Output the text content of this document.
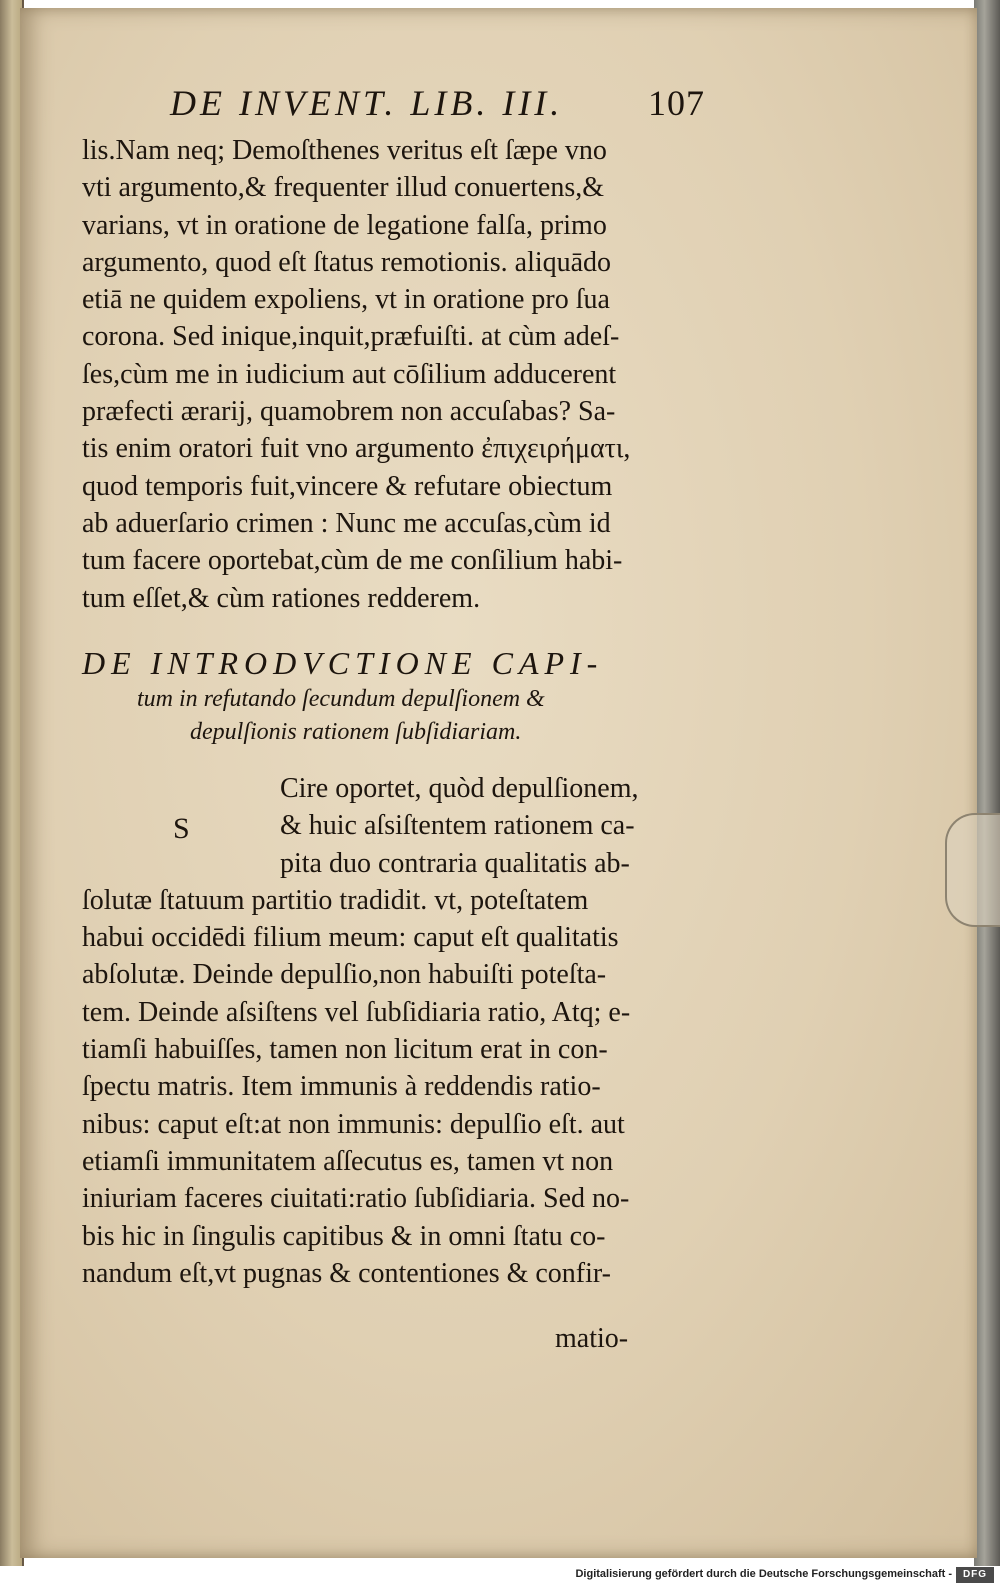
DE INVENT. LIB. III. 107
lis.Nam neq; Demoſthenes veritus eſt ſæpe vno
vti argumento,& frequenter illud conuertens,&
varians, vt in oratione de legatione falſa, primo
argumento, quod eſt ſtatus remotionis. aliquādo
etiā ne quidem expoliens, vt in oratione pro ſua
corona. Sed inique,inquit,præfuiſti. at cùm adeſ-
ſes,cùm me in iudicium aut cōſilium adducerent
præfecti ærarij, quamobrem non accuſabas? Sa-
tis enim oratori fuit vno argumento ἐπιχειρήματι,
quod temporis fuit,vincere & refutare obiectum
ab aduerſario crimen : Nunc me accuſas,cùm id
tum facere oportebat,cùm de me conſilium habi-
tum eſſet,& cùm rationes redderem.
DE INTRODVCTIONE CAPI-
tum in refutando ſecundum depulſionem &
depulſionis rationem ſubſidiariam.
S
Cire oportet, quòd depulſionem,
& huic aſsiſtentem rationem ca-
pita duo contraria qualitatis ab-
ſolutæ ſtatuum partitio tradidit. vt, poteſtatem
habui occidēdi filium meum: caput eſt qualitatis
abſolutæ. Deinde depulſio,non habuiſti poteſta-
tem. Deinde aſsiſtens vel ſubſidiaria ratio, Atq; e-
tiamſi habuiſſes, tamen non licitum erat in con-
ſpectu matris. Item immunis à reddendis ratio-
nibus: caput eſt:at non immunis: depulſio eſt. aut
etiamſi immunitatem aſſecutus es, tamen vt non
iniuriam faceres ciuitati:ratio ſubſidiaria. Sed no-
bis hic in ſingulis capitibus & in omni ſtatu co-
nandum eſt,vt pugnas & contentiones & confir-
matio-
Digitalisierung gefördert durch die Deutsche Forschungsgemeinschaft -	DFG
